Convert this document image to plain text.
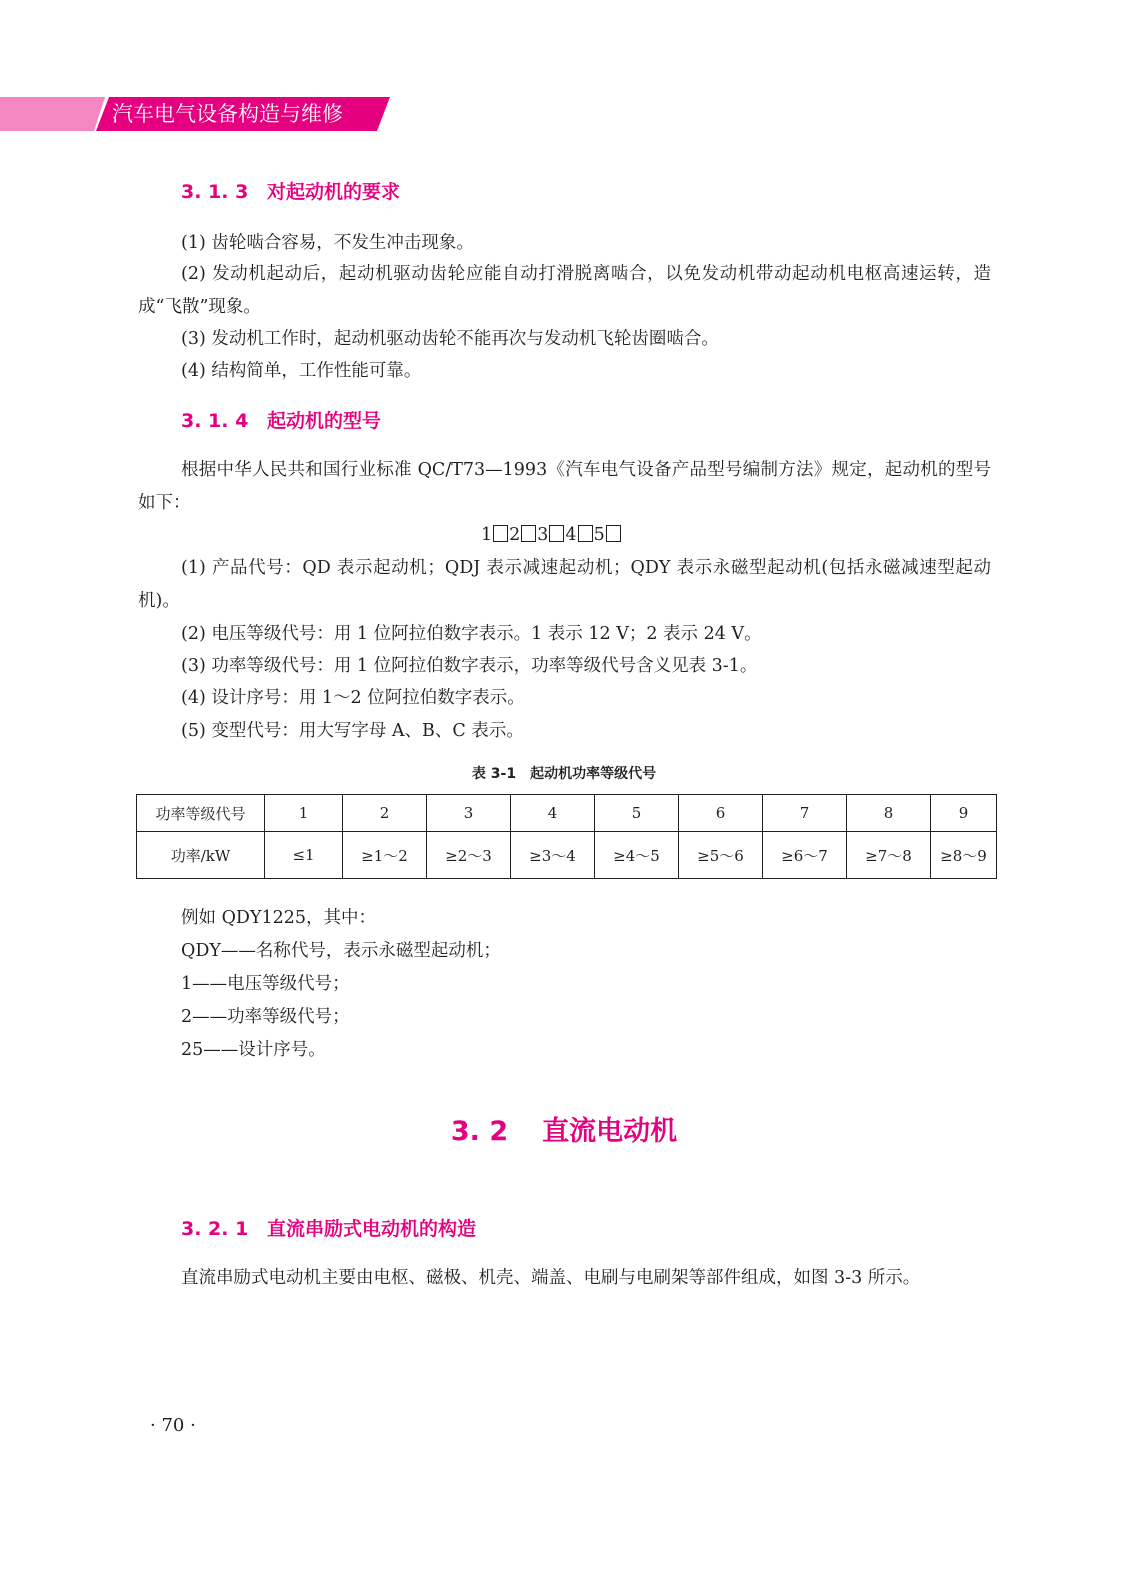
汽车电气设备构造与维修
3. 1. 3 对起动机的要求
(1) 齿轮啮合容易，不发生冲击现象。
(2) 发动机起动后，起动机驱动齿轮应能自动打滑脱离啮合，以免发动机带动起动机电枢高速运转，造成“飞散”现象。
(3) 发动机工作时，起动机驱动齿轮不能再次与发动机飞轮齿圈啮合。
(4) 结构简单，工作性能可靠。
3. 1. 4 起动机的型号
根据中华人民共和国行业标准 QC/T73—1993《汽车电气设备产品型号编制方法》规定，起动机的型号如下：
1 2 3 4 5
(1) 产品代号：QD 表示起动机；QDJ 表示减速起动机；QDY 表示永磁型起动机(包括永磁减速型起动机)。
(2) 电压等级代号：用 1 位阿拉伯数字表示。1 表示 12 V；2 表示 24 V。
(3) 功率等级代号：用 1 位阿拉伯数字表示，功率等级代号含义见表 3-1。
(4) 设计序号：用 1～2 位阿拉伯数字表示。
(5) 变型代号：用大写字母 A、B、C 表示。
表 3-1　起动机功率等级代号
功率等级代号	1	2	3	4	5	6	7	8	9
功率/kW	≤1	≥1～2	≥2～3	≥3～4	≥4～5	≥5～6	≥6～7	≥7～8	≥8～9
例如 QDY1225，其中：
QDY——名称代号，表示永磁型起动机；
1——电压等级代号；
2——功率等级代号；
25——设计序号。
3. 2 直流电动机
3. 2. 1 直流串励式电动机的构造
直流串励式电动机主要由电枢、磁极、机壳、端盖、电刷与电刷架等部件组成，如图 3-3 所示。
· 70 ·
